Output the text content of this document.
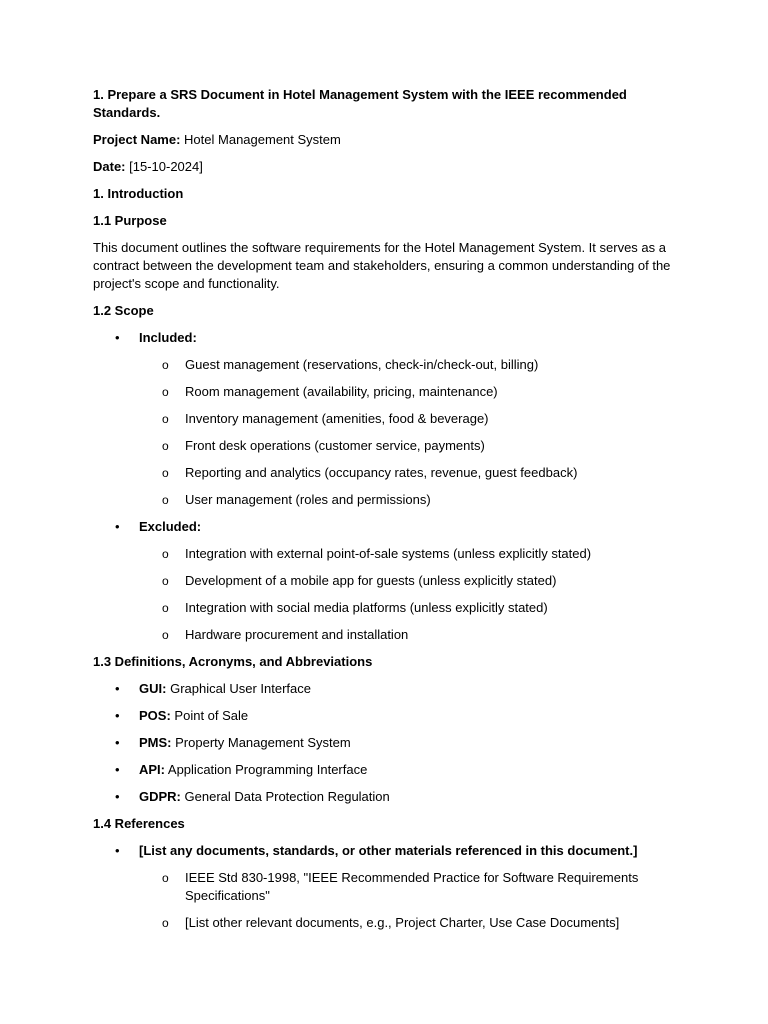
1. Prepare a SRS Document in Hotel Management System with the IEEE recommended Standards.

Project Name: Hotel Management System

Date: [15-10-2024]

1. Introduction

1.1 Purpose

This document outlines the software requirements for the Hotel Management System. It serves as a contract between the development team and stakeholders, ensuring a common understanding of the project's scope and functionality.

1.2 Scope

• Included:
o Guest management (reservations, check-in/check-out, billing)
o Room management (availability, pricing, maintenance)
o Inventory management (amenities, food & beverage)
o Front desk operations (customer service, payments)
o Reporting and analytics (occupancy rates, revenue, guest feedback)
o User management (roles and permissions)
• Excluded:
o Integration with external point-of-sale systems (unless explicitly stated)
o Development of a mobile app for guests (unless explicitly stated)
o Integration with social media platforms (unless explicitly stated)
o Hardware procurement and installation

1.3 Definitions, Acronyms, and Abbreviations

• GUI: Graphical User Interface
• POS: Point of Sale
• PMS: Property Management System
• API: Application Programming Interface
• GDPR: General Data Protection Regulation

1.4 References

• [List any documents, standards, or other materials referenced in this document.]
o IEEE Std 830-1998, "IEEE Recommended Practice for Software Requirements Specifications"
o [List other relevant documents, e.g., Project Charter, Use Case Documents]
